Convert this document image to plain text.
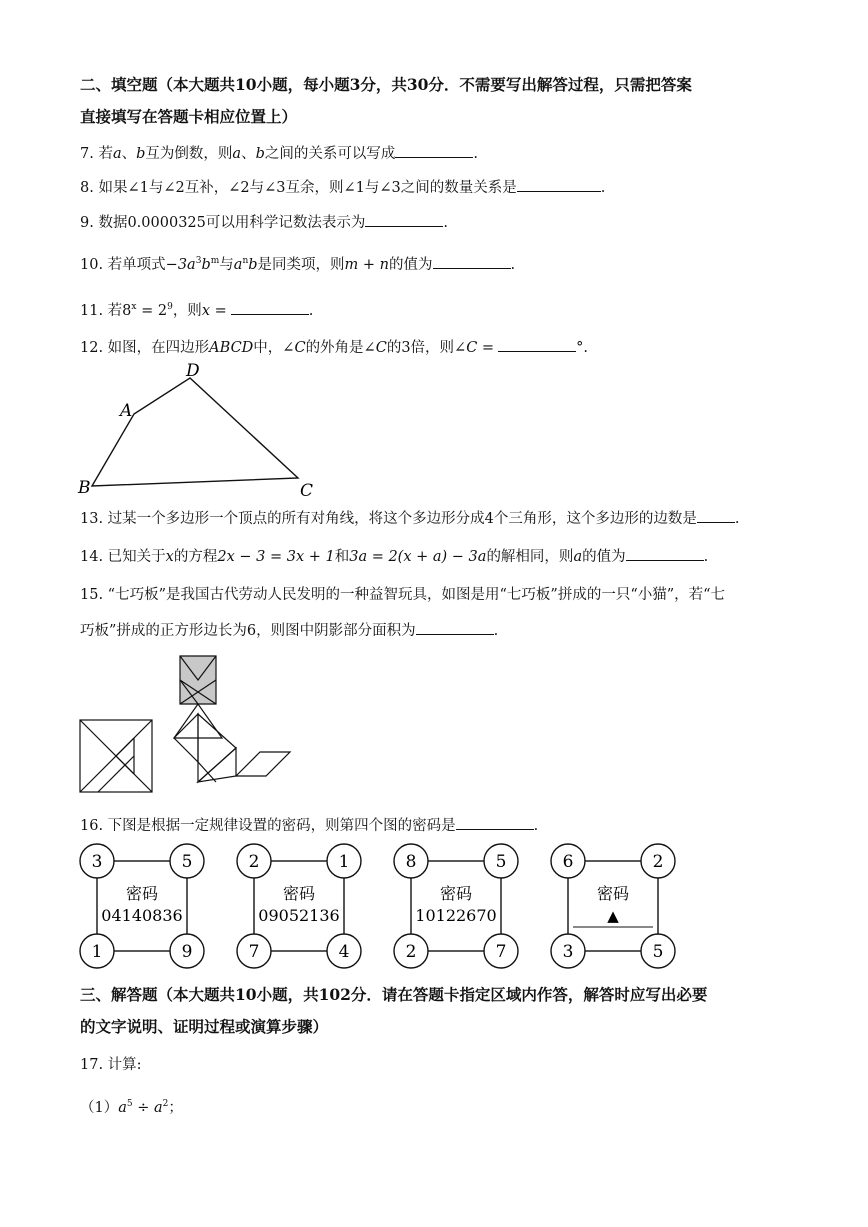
二、填空题（本大题共10小题，每小题3分，共30分．不需要写出解答过程，只需把答案
直接填写在答题卡相应位置上）
7. 若a、b互为倒数，则a、b之间的关系可以写成	.
8. 如果∠1与∠2互补，∠2与∠3互余，则∠1与∠3之间的数量关系是	.
9. 数据0.0000325可以用科学记数法表示为	.
10. 若单项式$-3a^3b^m$与$a^nb$是同类项，则m + n的值为	.
11. 若$8^x = 2^9$，则x =	.
12. 如图，在四边形ABCD中，∠C的外角是∠C的3倍，则∠C =	°.
B
A
D
C
13. 过某一个多边形一个顶点的所有对角线，将这个多边形分成4个三角形，这个多边形的边数是	.
14. 已知关于x的方程2x − 3 = 3x + 1和3a = 2(x + a) − 3a的解相同，则a的值为	.
15. “七巧板”是我国古代劳动人民发明的一种益智玩具，如图是用“七巧板”拼成的一只“小猫”，若“七
巧板”拼成的正方形边长为6，则图中阴影部分面积为	.
16. 下图是根据一定规律设置的密码，则第四个图的密码是	.
3	5
1	9
密码
04140836
2	1
7	4
密码
09052136
8	5
2	7
密码
10122670
6	2
3	5
密码
▲
三、解答题（本大题共10小题，共102分．请在答题卡指定区域内作答，解答时应写出必要
的文字说明、证明过程或演算步骤）
17. 计算:
$(1)a^5 \div a^2$；
